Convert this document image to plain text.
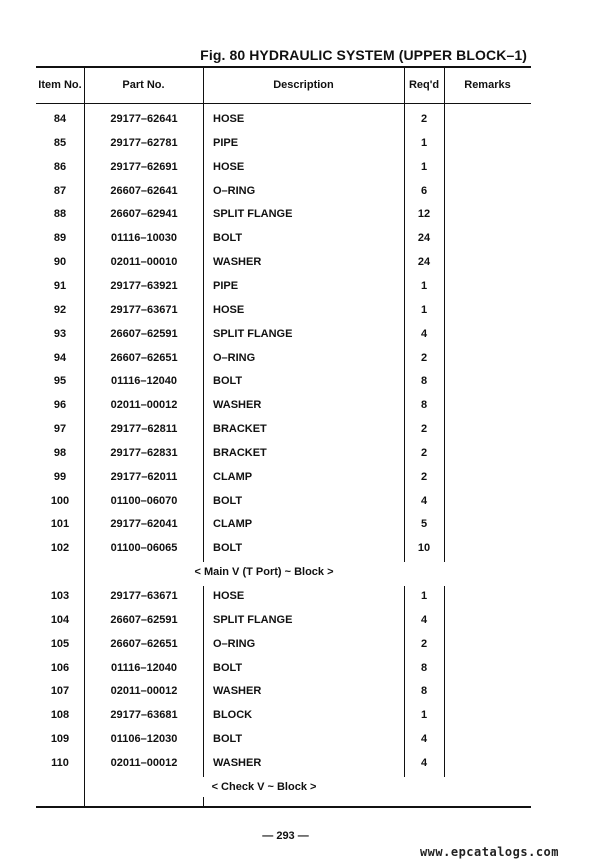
Fig. 80 HYDRAULIC SYSTEM (UPPER BLOCK–1)
Item No.	Part No.	Description	Req'd	Remarks
84	29177–62641	HOSE	2
85	29177–62781	PIPE	1
86	29177–62691	HOSE	1
87	26607–62641	O–RING	6
88	26607–62941	SPLIT FLANGE	12
89	01116–10030	BOLT	24
90	02011–00010	WASHER	24
91	29177–63921	PIPE	1
92	29177–63671	HOSE	1
93	26607–62591	SPLIT FLANGE	4
94	26607–62651	O–RING	2
95	01116–12040	BOLT	8
96	02011–00012	WASHER	8
97	29177–62811	BRACKET	2
98	29177–62831	BRACKET	2
99	29177–62011	CLAMP	2
100	01100–06070	BOLT	4
101	29177–62041	CLAMP	5
102	01100–06065	BOLT	10
< Main V (T Port) ~ Block >
103	29177–63671	HOSE	1
104	26607–62591	SPLIT FLANGE	4
105	26607–62651	O–RING	2
106	01116–12040	BOLT	8
107	02011–00012	WASHER	8
108	29177–63681	BLOCK	1
109	01106–12030	BOLT	4
110	02011–00012	WASHER	4
< Check V ~ Block >
— 293 —
www.epcatalogs.com
